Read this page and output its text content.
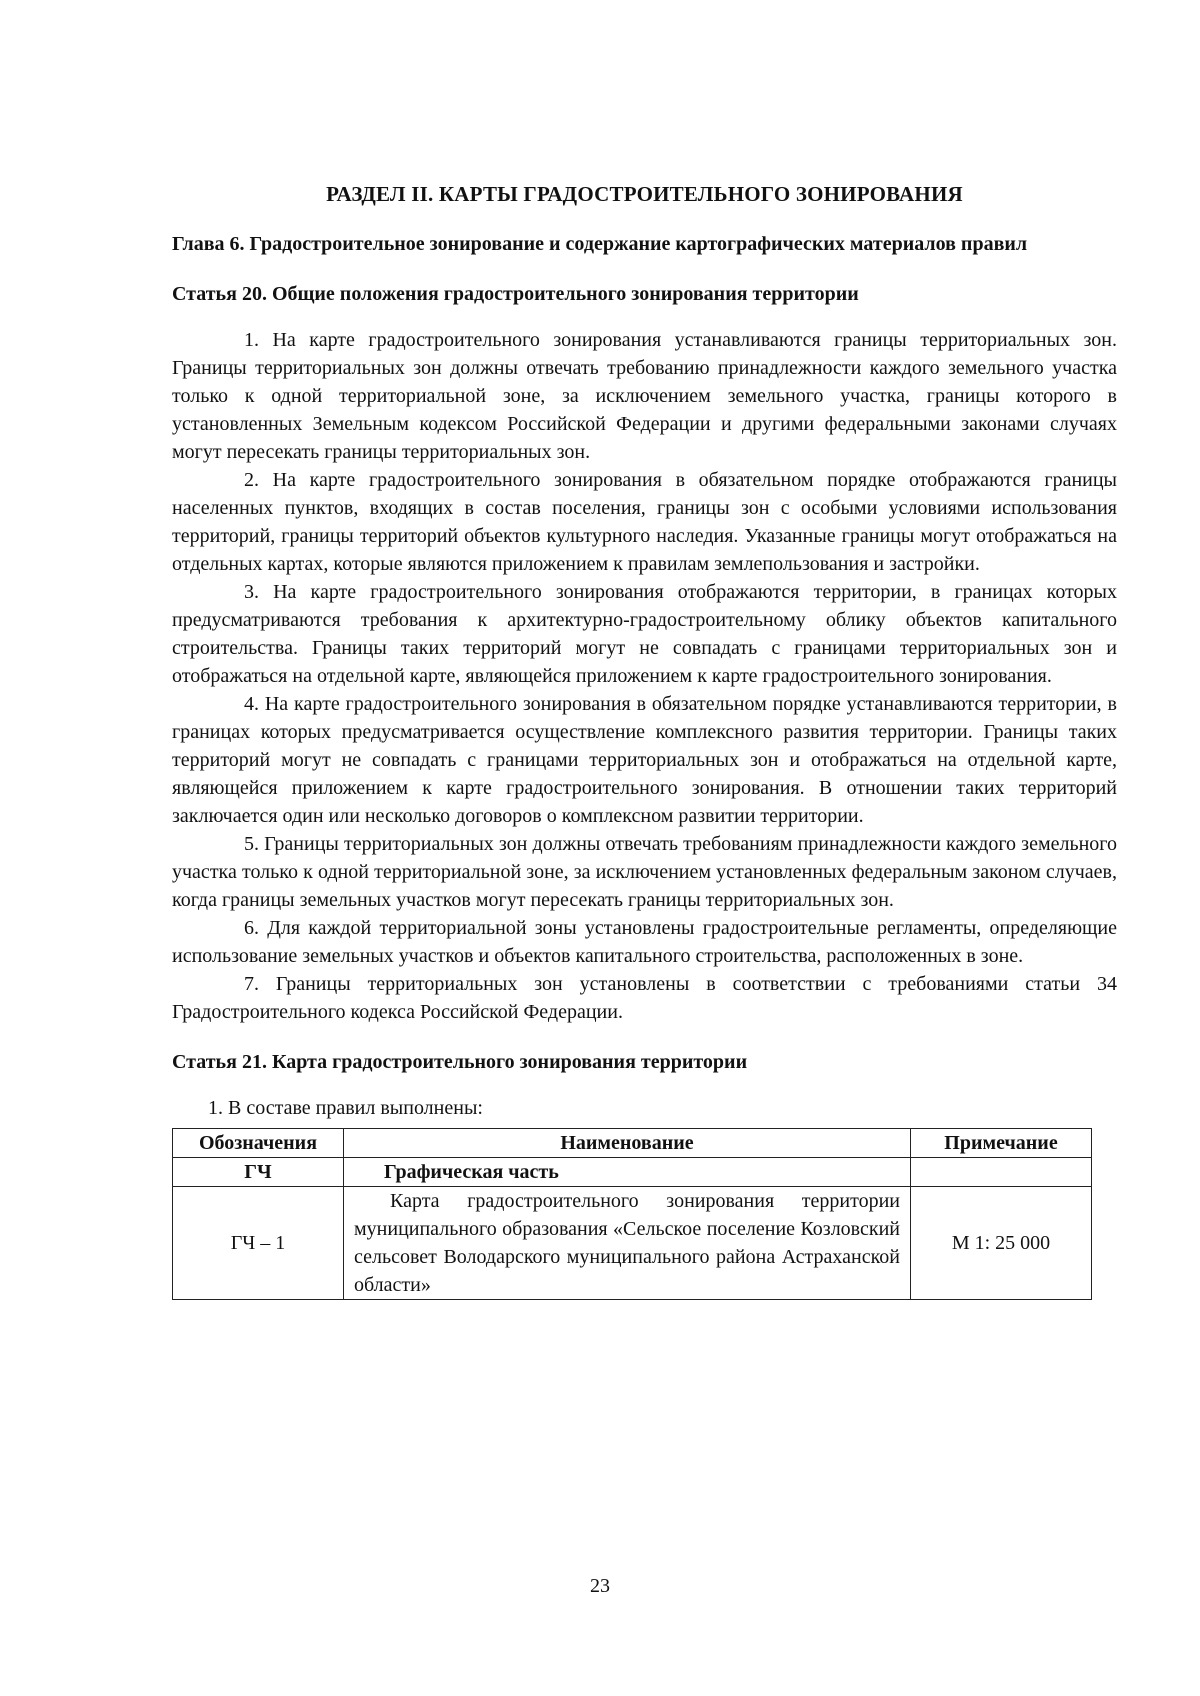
РАЗДЕЛ II. КАРТЫ ГРАДОСТРОИТЕЛЬНОГО ЗОНИРОВАНИЯ
Глава 6. Градостроительное зонирование и содержание картографических материалов правил
Статья 20. Общие положения градостроительного зонирования территории

1. На карте градостроительного зонирования устанавливаются границы территориальных зон. Границы территориальных зон должны отвечать требованию принадлежности каждого земельного участка только к одной территориальной зоне, за исключением земельного участка, границы которого в установленных Земельным кодексом Российской Федерации и другими федеральными законами случаях могут пересекать границы территориальных зон.

2. На карте градостроительного зонирования в обязательном порядке отображаются границы населенных пунктов, входящих в состав поселения, границы зон с особыми условиями использования территорий, границы территорий объектов культурного наследия. Указанные границы могут отображаться на отдельных картах, которые являются приложением к правилам землепользования и застройки.

3. На карте градостроительного зонирования отображаются территории, в границах которых предусматриваются требования к архитектурно-градостроительному облику объектов капитального строительства. Границы таких территорий могут не совпадать с границами территориальных зон и отображаться на отдельной карте, являющейся приложением к карте градостроительного зонирования.

4. На карте градостроительного зонирования в обязательном порядке устанавливаются территории, в границах которых предусматривается осуществление комплексного развития территории. Границы таких территорий могут не совпадать с границами территориальных зон и отображаться на отдельной карте, являющейся приложением к карте градостроительного зонирования. В отношении таких территорий заключается один или несколько договоров о комплексном развитии территории.

5. Границы территориальных зон должны отвечать требованиям принадлежности каждого земельного участка только к одной территориальной зоне, за исключением установленных федеральным законом случаев, когда границы земельных участков могут пересекать границы территориальных зон.

6. Для каждой территориальной зоны установлены градостроительные регламенты, определяющие использование земельных участков и объектов капитального строительства, расположенных в зоне.

7. Границы территориальных зон установлены в соответствии с требованиями статьи 34 Градостроительного кодекса Российской Федерации.

Статья 21. Карта градостроительного зонирования территории
1. В составе правил выполнены:
Обозначения	Наименование	Примечание
ГЧ	Графическая часть	
ГЧ – 1	Карта градостроительного зонирования территории муниципального образования «Сельское поселение Козловский сельсовет Володарского муниципального района Астраханской области»	М 1: 25 000
23
